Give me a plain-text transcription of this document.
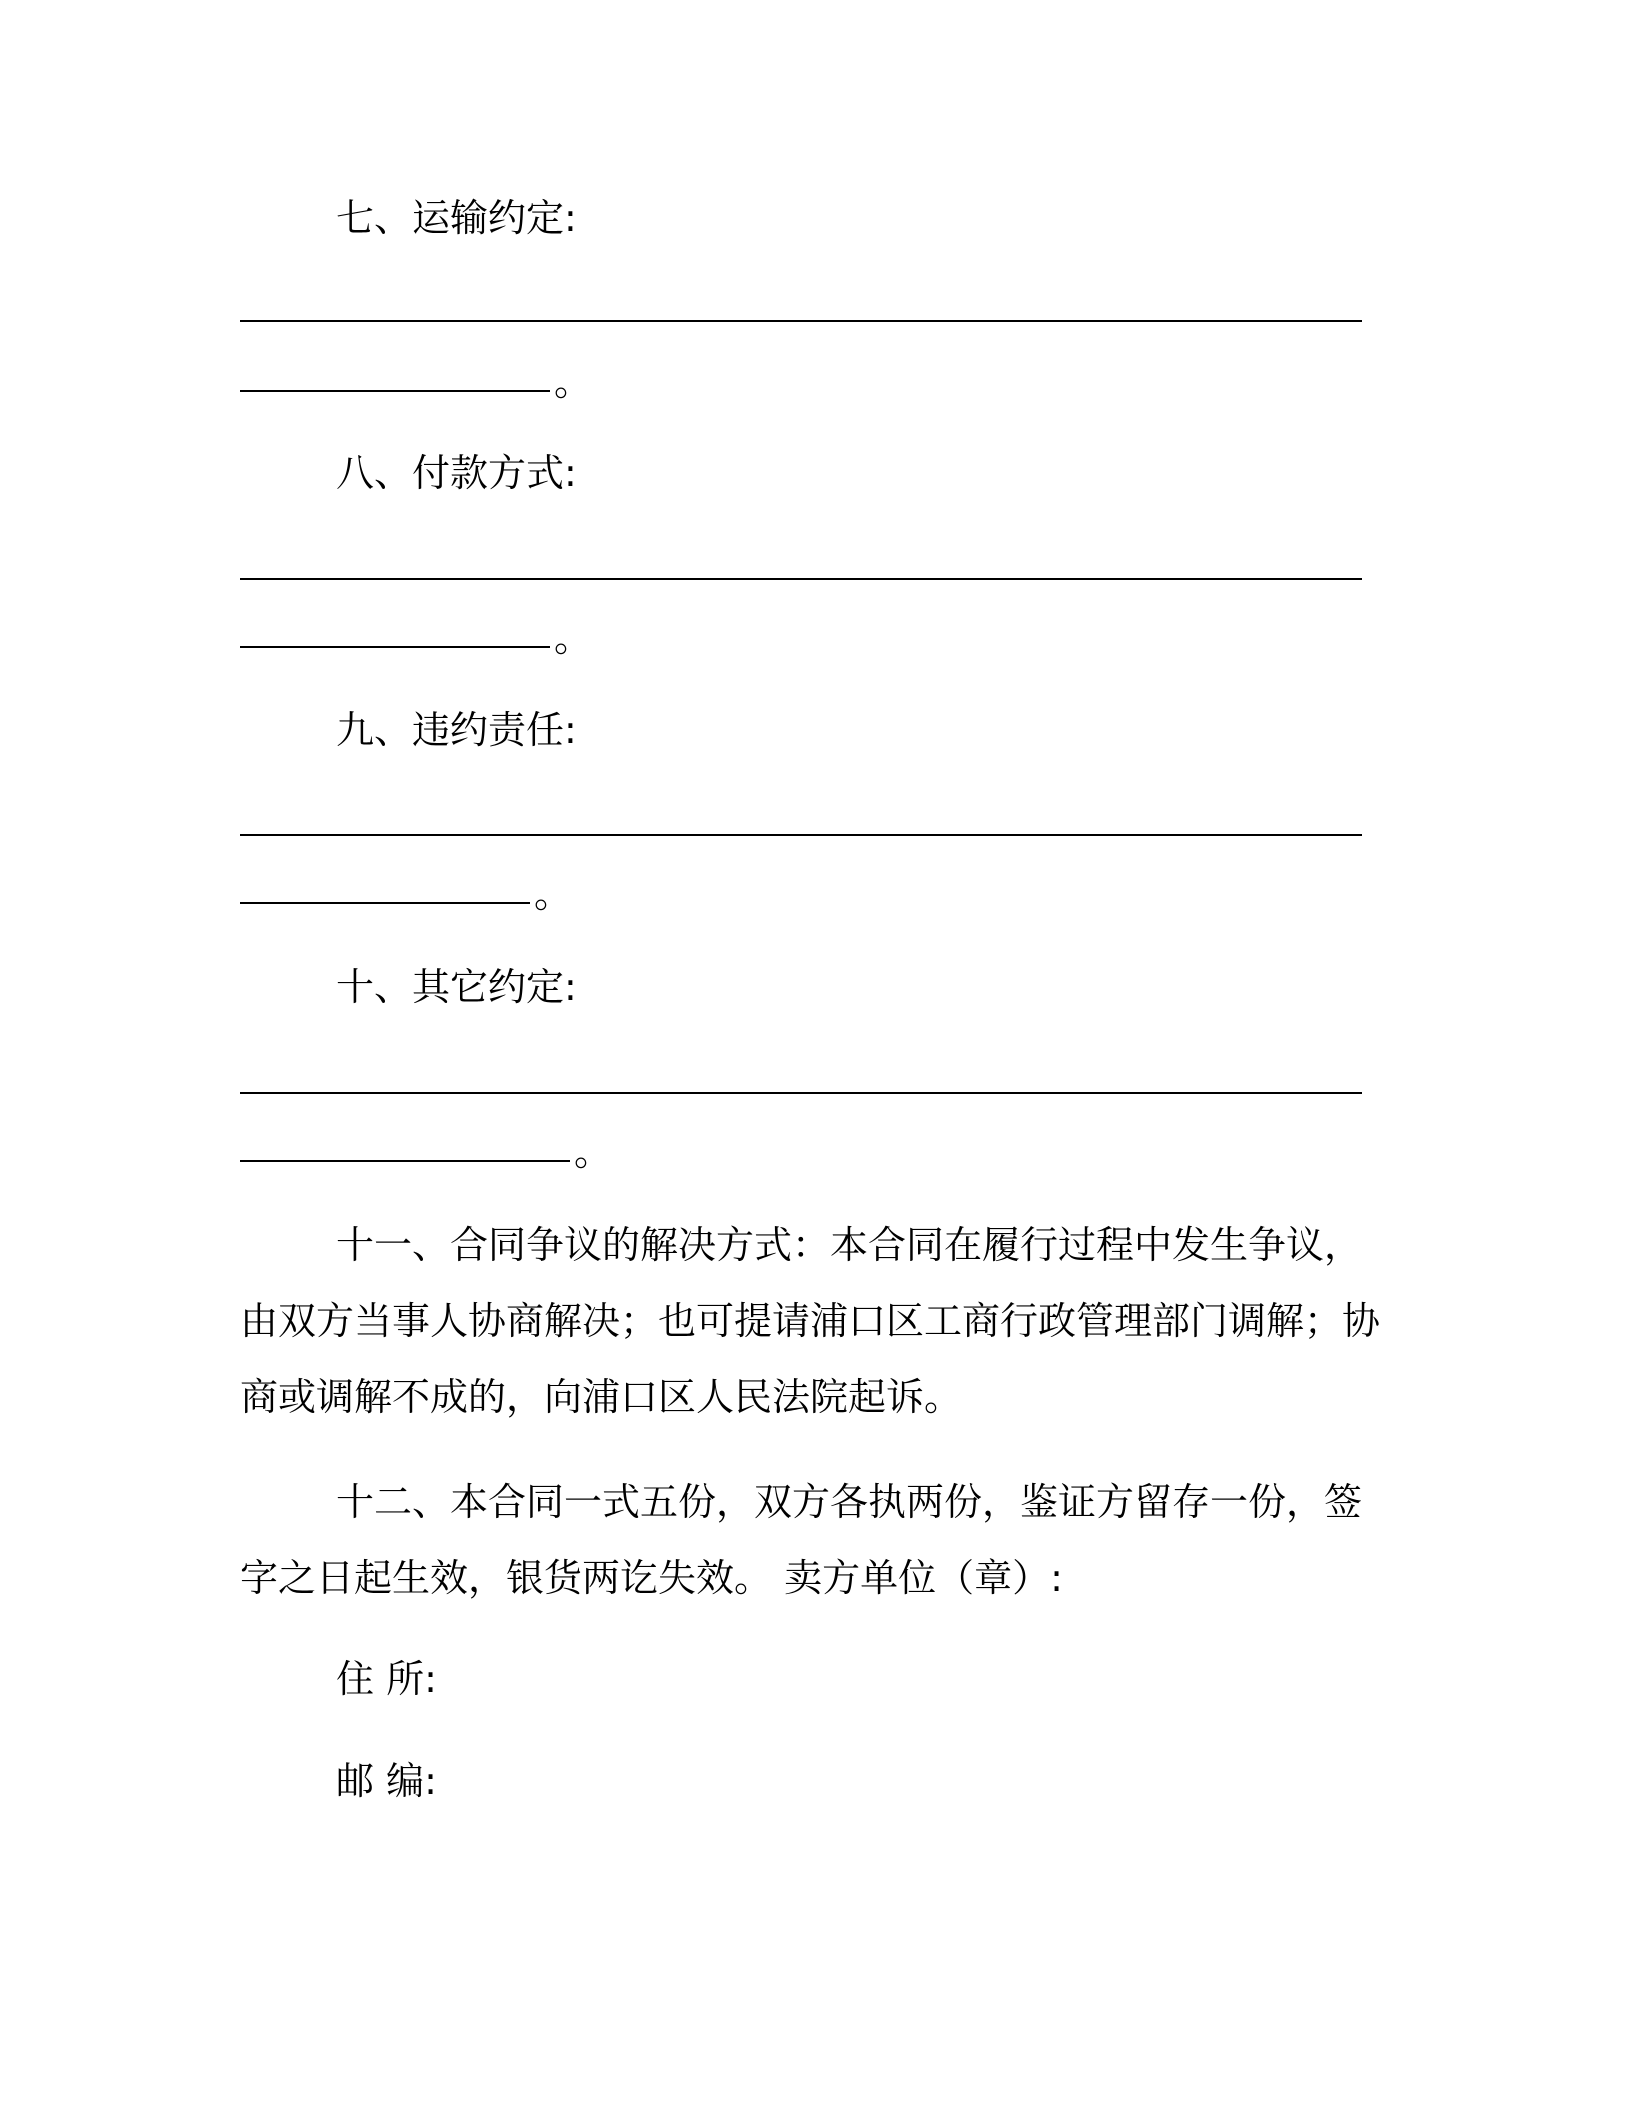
七、运输约定:
。
八、付款方式:
。
九、违约责任:
。
十、其它约定:
。

十一、合同争议的解决方式：本合同在履行过程中发生争议，由双方当事人协商解决；也可提请浦口区工商行政管理部门调解；协商或调解不成的，向浦口区人民法院起诉。

十二、本合同一式五份，双方各执两份，鉴证方留存一份，签字之日起生效，银货两讫失效。 卖方单位（章）:

住 所:
邮 编:
